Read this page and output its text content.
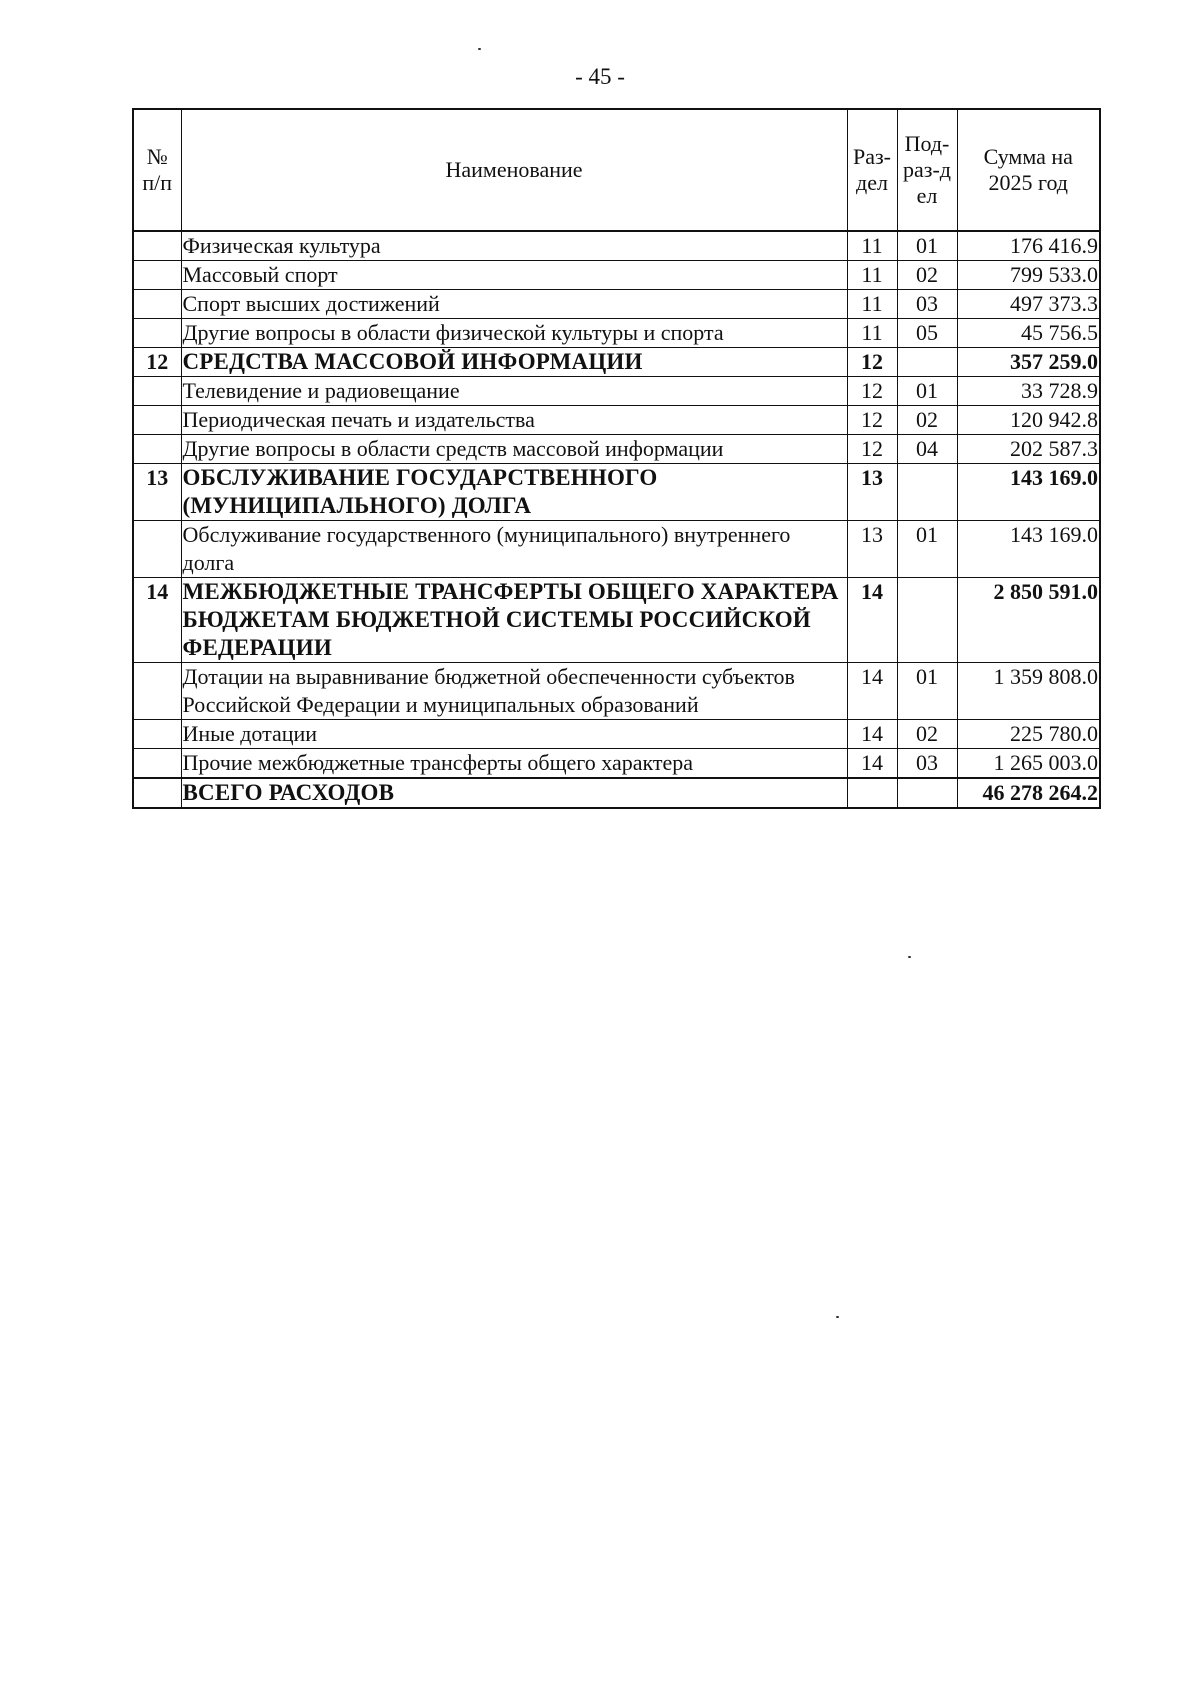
- 45 -
№ п/п	Наименование	Раз-дел	Под-раз-дел	Сумма на 2025 год
	Физическая культура	11	01	176 416.9
	Массовый спорт	11	02	799 533.0
	Спорт высших достижений	11	03	497 373.3
	Другие вопросы в области физической культуры и спорта	11	05	45 756.5
12	СРЕДСТВА МАССОВОЙ ИНФОРМАЦИИ	12		357 259.0
	Телевидение и радиовещание	12	01	33 728.9
	Периодическая печать и издательства	12	02	120 942.8
	Другие вопросы в области средств массовой информации	12	04	202 587.3
13	ОБСЛУЖИВАНИЕ ГОСУДАРСТВЕННОГО (МУНИЦИПАЛЬНОГО) ДОЛГА	13		143 169.0
	Обслуживание государственного (муниципального) внутреннего долга	13	01	143 169.0
14	МЕЖБЮДЖЕТНЫЕ ТРАНСФЕРТЫ ОБЩЕГО ХАРАКТЕРА БЮДЖЕТАМ БЮДЖЕТНОЙ СИСТЕМЫ РОССИЙСКОЙ ФЕДЕРАЦИИ	14		2 850 591.0
	Дотации на выравнивание бюджетной обеспеченности субъектов Российской Федерации и муниципальных образований	14	01	1 359 808.0
	Иные дотации	14	02	225 780.0
	Прочие межбюджетные трансферты общего характера	14	03	1 265 003.0
	ВСЕГО РАСХОДОВ			46 278 264.2
